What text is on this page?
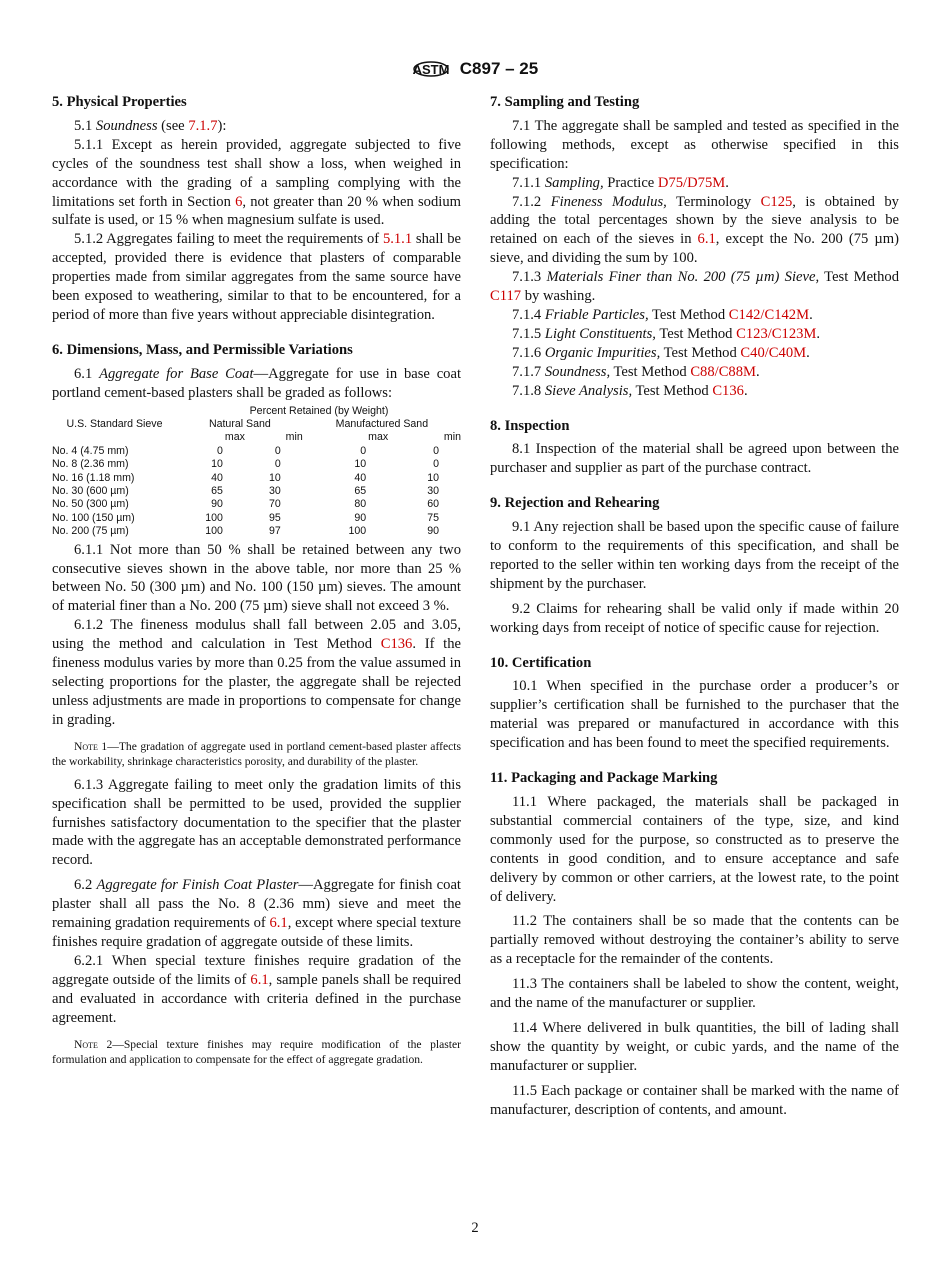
ASTM C897 – 25
5. Physical Properties
5.1 Soundness (see 7.1.7):
5.1.1 Except as herein provided, aggregate subjected to five cycles of the soundness test shall show a loss, when weighed in accordance with the grading of a sampling complying with the limitations set forth in Section 6, not greater than 20 % when sodium sulfate is used, or 15 % when magnesium sulfate is used.
5.1.2 Aggregates failing to meet the requirements of 5.1.1 shall be accepted, provided there is evidence that plasters of comparable properties made from similar aggregates from the same source have been exposed to weathering, similar to that to be encountered, for a period of more than five years without appreciable disintegration.
6. Dimensions, Mass, and Permissible Variations
6.1 Aggregate for Base Coat—Aggregate for use in base coat portland cement-based plasters shall be graded as follows:
U.S. Standard Sieve	Percent Retained (by Weight)			
	Natural Sand		Manufactured Sand	
	max	min	max	min
No. 4 (4.75 mm)	0	0	0	0
No. 8 (2.36 mm)	10	0	10	0
No. 16 (1.18 mm)	40	10	40	10
No. 30 (600 µm)	65	30	65	30
No. 50 (300 µm)	90	70	80	60
No. 100 (150 µm)	100	95	90	75
No. 200 (75 µm)	100	97	100	90
6.1.1 Not more than 50 % shall be retained between any two consecutive sieves shown in the above table, nor more than 25 % between No. 50 (300 µm) and No. 100 (150 µm) sieves. The amount of material finer than a No. 200 (75 µm) sieve shall not exceed 3 %.
6.1.2 The fineness modulus shall fall between 2.05 and 3.05, using the method and calculation in Test Method C136. If the fineness modulus varies by more than 0.25 from the value assumed in selecting proportions for the plaster, the aggregate shall be rejected unless adjustments are made in proportions to compensate for change in grading.
Note 1—The gradation of aggregate used in portland cement-based plaster affects the workability, shrinkage characteristics porosity, and durability of the plaster.
6.1.3 Aggregate failing to meet only the gradation limits of this specification shall be permitted to be used, provided the supplier furnishes satisfactory documentation to the specifier that the plaster made with the aggregate has an acceptable demonstrated performance record.
6.2 Aggregate for Finish Coat Plaster—Aggregate for finish coat plaster shall all pass the No. 8 (2.36 mm) sieve and meet the remaining gradation requirements of 6.1, except where special texture finishes require gradation of aggregate outside of these limits.
6.2.1 When special texture finishes require gradation of the aggregate outside of the limits of 6.1, sample panels shall be required and evaluated in accordance with criteria defined in the purchase agreement.
Note 2—Special texture finishes may require modification of the plaster formulation and application to compensate for the effect of aggregate gradation.
7. Sampling and Testing
7.1 The aggregate shall be sampled and tested as specified in the following methods, except as otherwise specified in this specification:
7.1.1 Sampling, Practice D75/D75M.
7.1.2 Fineness Modulus, Terminology C125, is obtained by adding the total percentages shown by the sieve analysis to be retained on each of the sieves in 6.1, except the No. 200 (75 µm) sieve, and dividing the sum by 100.
7.1.3 Materials Finer than No. 200 (75 µm) Sieve, Test Method C117 by washing.
7.1.4 Friable Particles, Test Method C142/C142M.
7.1.5 Light Constituents, Test Method C123/C123M.
7.1.6 Organic Impurities, Test Method C40/C40M.
7.1.7 Soundness, Test Method C88/C88M.
7.1.8 Sieve Analysis, Test Method C136.
8. Inspection
8.1 Inspection of the material shall be agreed upon between the purchaser and supplier as part of the purchase contract.
9. Rejection and Rehearing
9.1 Any rejection shall be based upon the specific cause of failure to conform to the requirements of this specification, and shall be reported to the seller within ten working days from the receipt of the shipment by the purchaser.
9.2 Claims for rehearing shall be valid only if made within 20 working days from receipt of notice of specific cause for rejection.
10. Certification
10.1 When specified in the purchase order a producer’s or supplier’s certification shall be furnished to the purchaser that the material was prepared or manufactured in accordance with this specification and has been found to meet the specified requirements.
11. Packaging and Package Marking
11.1 Where packaged, the materials shall be packaged in substantial commercial containers of the type, size, and kind commonly used for the purpose, so constructed as to preserve the contents in good condition, and to ensure acceptance and safe delivery by common or other carriers, at the lowest rate, to the point of delivery.
11.2 The containers shall be so made that the contents can be partially removed without destroying the container’s ability to serve as a receptacle for the remainder of the contents.
11.3 The containers shall be labeled to show the content, weight, and the name of the manufacturer or supplier.
11.4 Where delivered in bulk quantities, the bill of lading shall show the quantity by weight, or cubic yards, and the name of the manufacturer or supplier.
11.5 Each package or container shall be marked with the name of manufacturer, description of contents, and amount.
2
